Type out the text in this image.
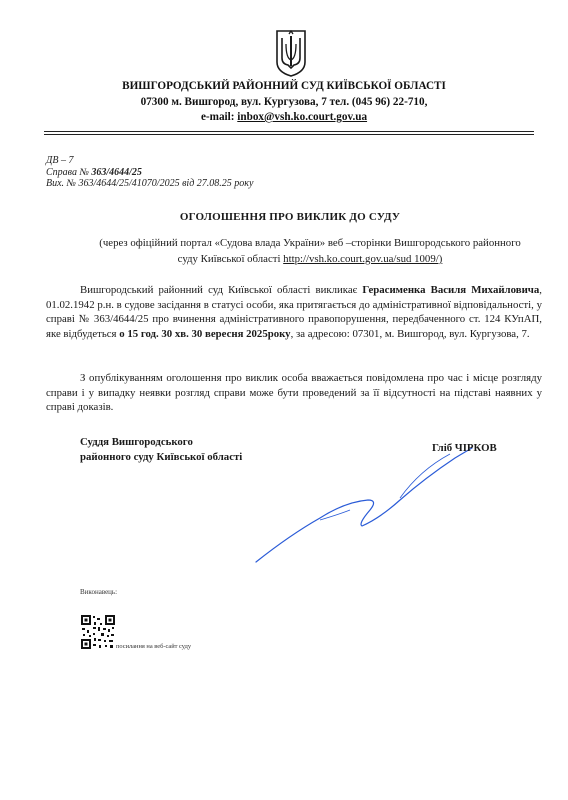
ВИШГОРОДСЬКИЙ РАЙОННИЙ СУД КИЇВСЬКОЇ ОБЛАСТІ
07300 м. Вишгород, вул. Кургузова, 7 тел. (045 96) 22-710,
e-mail: inbox@vsh.ko.court.gov.ua
ДВ – 7
Справа № 363/4644/25
Вих. № 363/4644/25/41070/2025 від 27.08.25 року
ОГОЛОШЕННЯ ПРО ВИКЛИК ДО СУДУ
(через офіційний портал «Судова влада України» веб –сторінки Вишгородського районного
суду Київської області http://vsh.ko.court.gov.ua/sud 1009/)
Вишгородський районний суд Київської області викликає Герасименка Василя Михайловича, 01.02.1942 р.н. в судове засідання в статусі особи, яка притягається до адміністративної відповідальності, у справі № 363/4644/25 про вчинення адміністративного правопорушення, передбаченного ст. 124 КУпАП, яке відбудеться о 15 год. 30 хв. 30 вересня 2025року, за адресою: 07301, м. Вишгород, вул. Кургузова, 7.
З опублікуванням оголошення про виклик особа вважається повідомлена про час і місце розгляду справи і у випадку неявки розгляд справи може бути проведений за її відсутності на підставі наявних у справі доказів.
Суддя Вишгородського
районного суду Київської області
Гліб ЧІРКОВ
Виконавець:
посилання на веб-сайт суду
